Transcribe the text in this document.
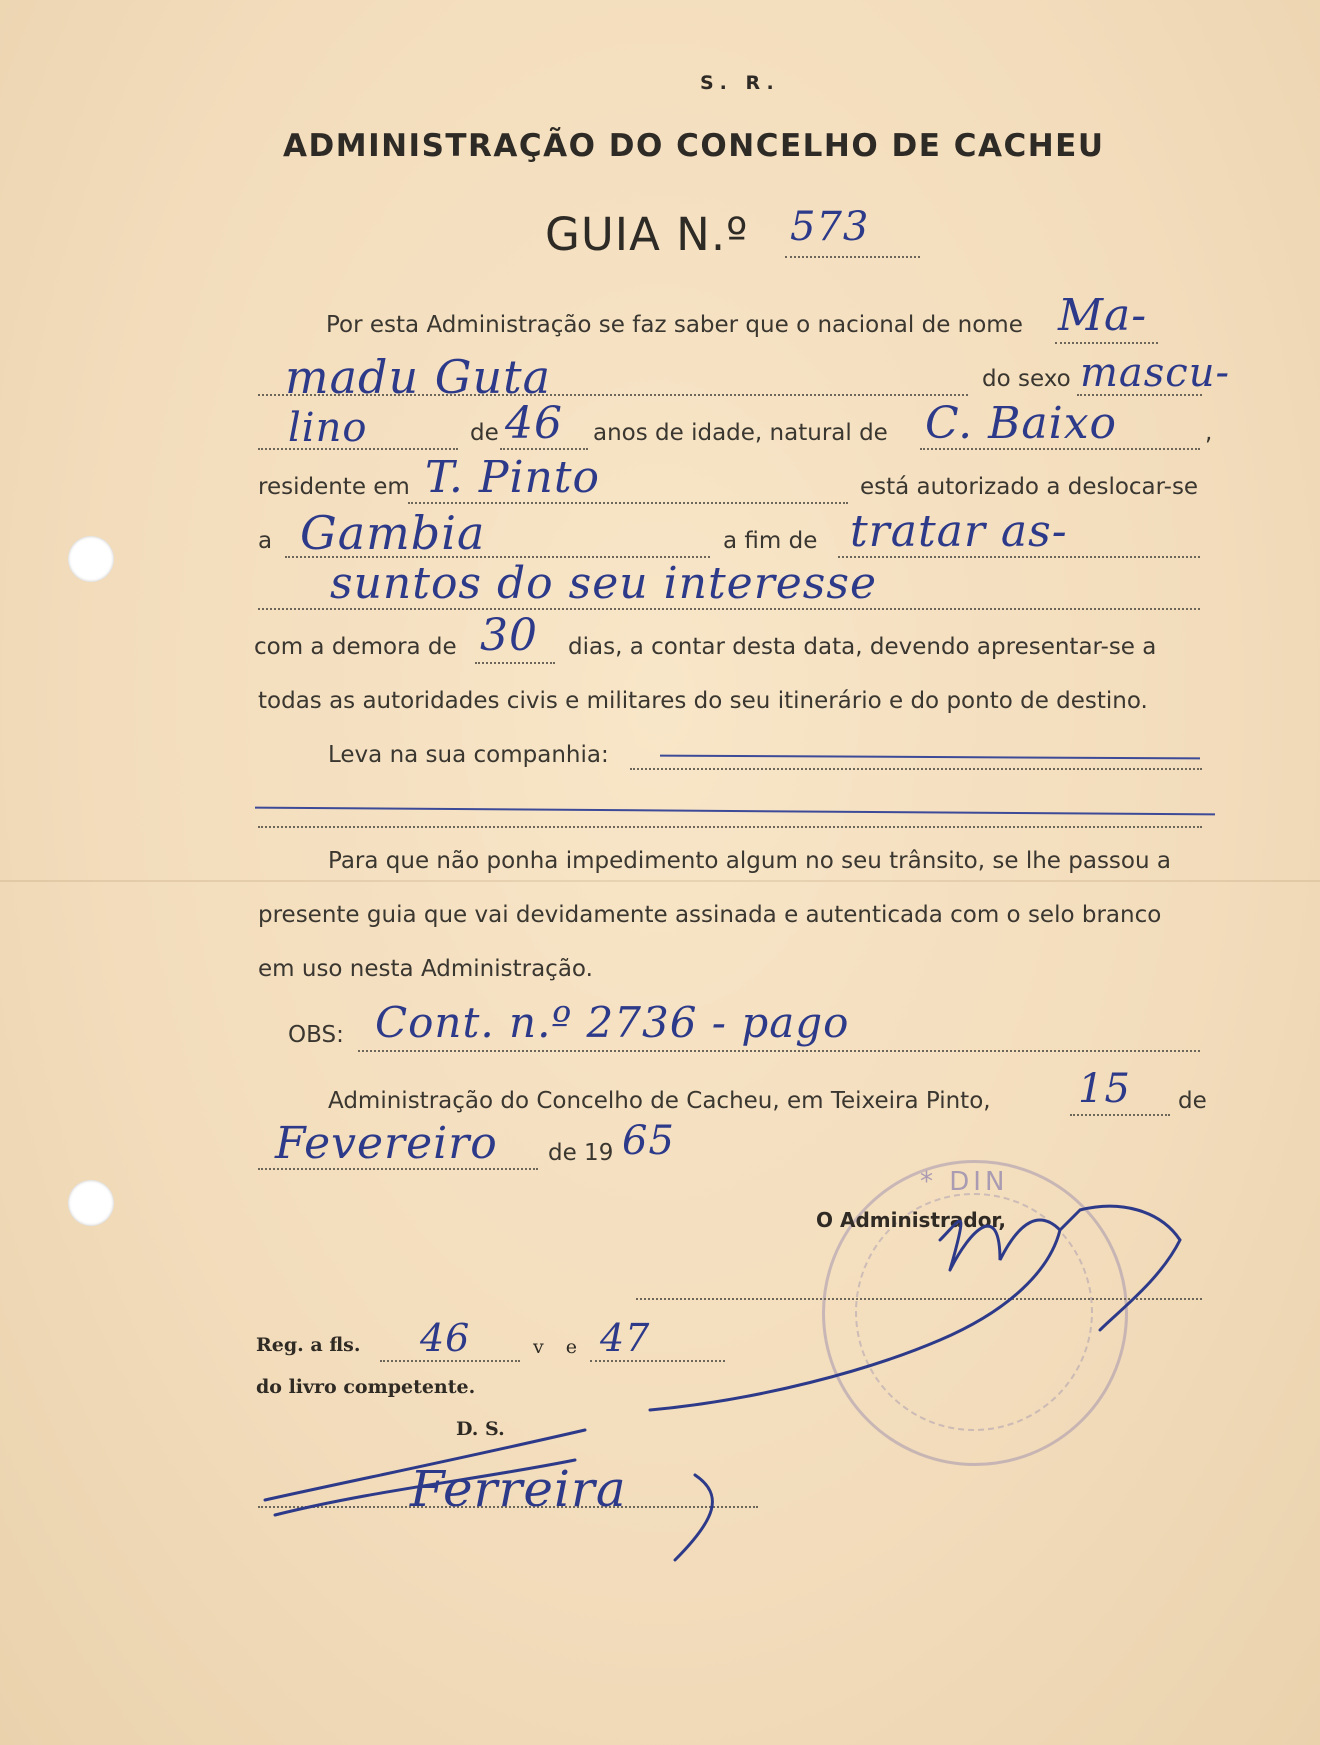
S. R.
ADMINISTRAÇÃO DO CONCELHO DE CACHEU
GUIA N.º 573
Por esta Administração se faz saber que o nacional de nome Ma-
madu Guta	do sexo mascu-
lino	de 46 anos de idade, natural de C. Baixo	,
residente em T. Pinto	está autorizado a deslocar-se
a Gambia	a fim de tratar as-
suntos do seu interesse
com a demora de 30 dias, a contar desta data, devendo apresentar-se a
todas as autoridades civis e militares do seu itinerário e do ponto de destino.
Leva na sua companhia:
Para que não ponha impedimento algum no seu trânsito, se lhe passou a
presente guia que vai devidamente assinada e autenticada com o selo branco
em uso nesta Administração.
OBS: Cont. n.º 2736 - pago
Administração do Concelho de Cacheu, em Teixeira Pinto, 15 de
Fevereiro de 19 65
* DIN
O Administrador,
Reg. a fls. 46	v e 47
do livro competente.
D. S.
Ferreira
